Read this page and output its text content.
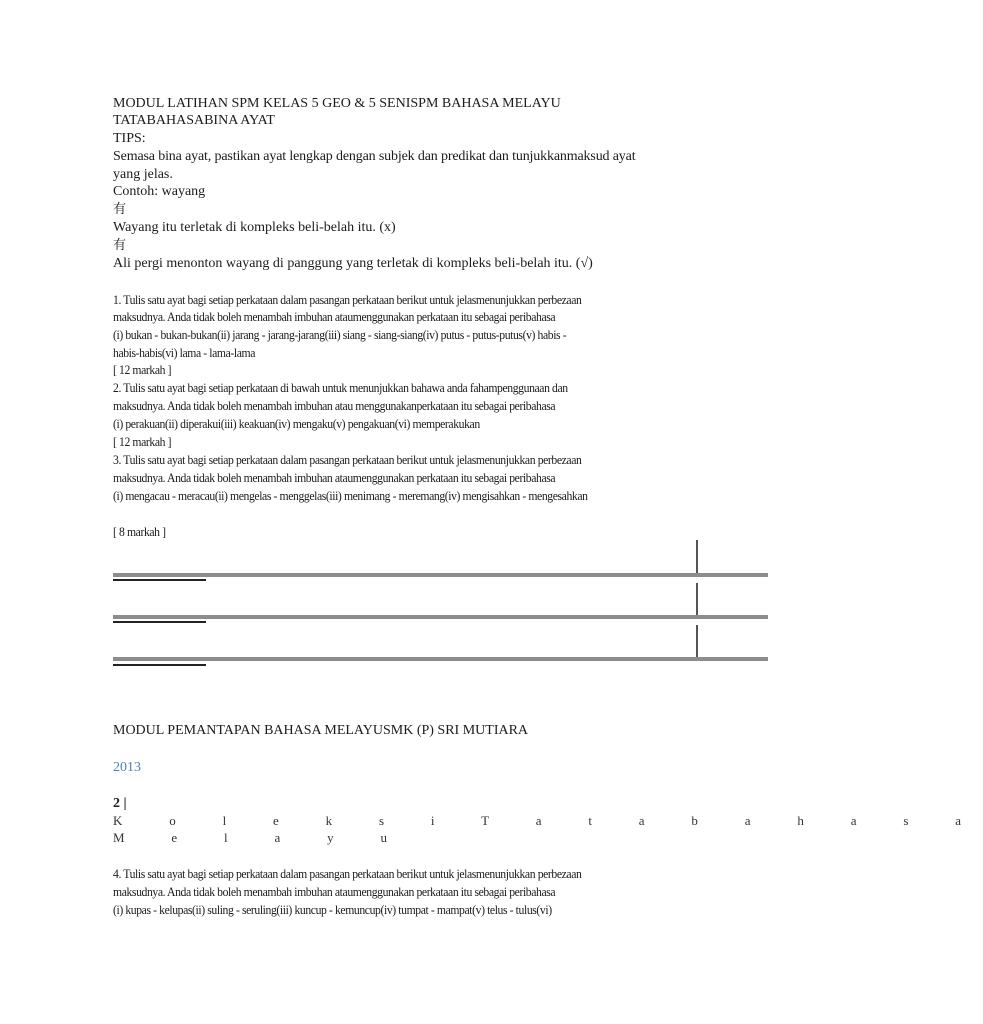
MODUL LATIHAN SPM KELAS 5 GEO & 5 SENISPM BAHASA MELAYU
TATABAHASABINA AYAT
TIPS:
Semasa bina ayat, pastikan ayat lengkap dengan subjek dan predikat dan tunjukkanmaksud ayat
yang jelas.
Contoh: wayang
有
Wayang itu terletak di kompleks beli-belah itu. (x)
有
Ali pergi menonton wayang di panggung yang terletak di kompleks beli-belah itu. (√)
1. Tulis satu ayat bagi setiap perkataan dalam pasangan perkataan berikut untuk jelasmenunjukkan perbezaan
maksudnya. Anda tidak boleh menambah imbuhan ataumenggunakan perkataan itu sebagai peribahasa
(i) bukan - bukan-bukan(ii) jarang - jarang-jarang(iii) siang - siang-siang(iv) putus - putus-putus(v) habis -
habis-habis(vi) lama - lama-lama
[ 12 markah ]
2. Tulis satu ayat bagi setiap perkataan di bawah untuk menunjukkan bahawa anda fahampenggunaan dan
maksudnya. Anda tidak boleh menambah imbuhan atau menggunakanperkataan itu sebagai peribahasa
(i) perakuan(ii) diperakui(iii) keakuan(iv) mengaku(v) pengakuan(vi) memperakukan
[ 12 markah ]
3. Tulis satu ayat bagi setiap perkataan dalam pasangan perkataan berikut untuk jelasmenunjukkan perbezaan
maksudnya. Anda tidak boleh menambah imbuhan ataumenggunakan perkataan itu sebagai peribahasa
(i) mengacau - meracau(ii) mengelas - menggelas(iii) menimang - meremang(iv) mengisahkan - mengesahkan
[ 8 markah ]
MODUL PEMANTAPAN BAHASA MELAYUSMK (P) SRI MUTIARA
2013
2 |
K o l e k s i T a t a b a h a s a
M e l a y u
4. Tulis satu ayat bagi setiap perkataan dalam pasangan perkataan berikut untuk jelasmenunjukkan perbezaan
maksudnya. Anda tidak boleh menambah imbuhan ataumenggunakan perkataan itu sebagai peribahasa
(i) kupas - kelupas(ii) suling - seruling(iii) kuncup - kemuncup(iv) tumpat - mampat(v) telus - tulus(vi)
